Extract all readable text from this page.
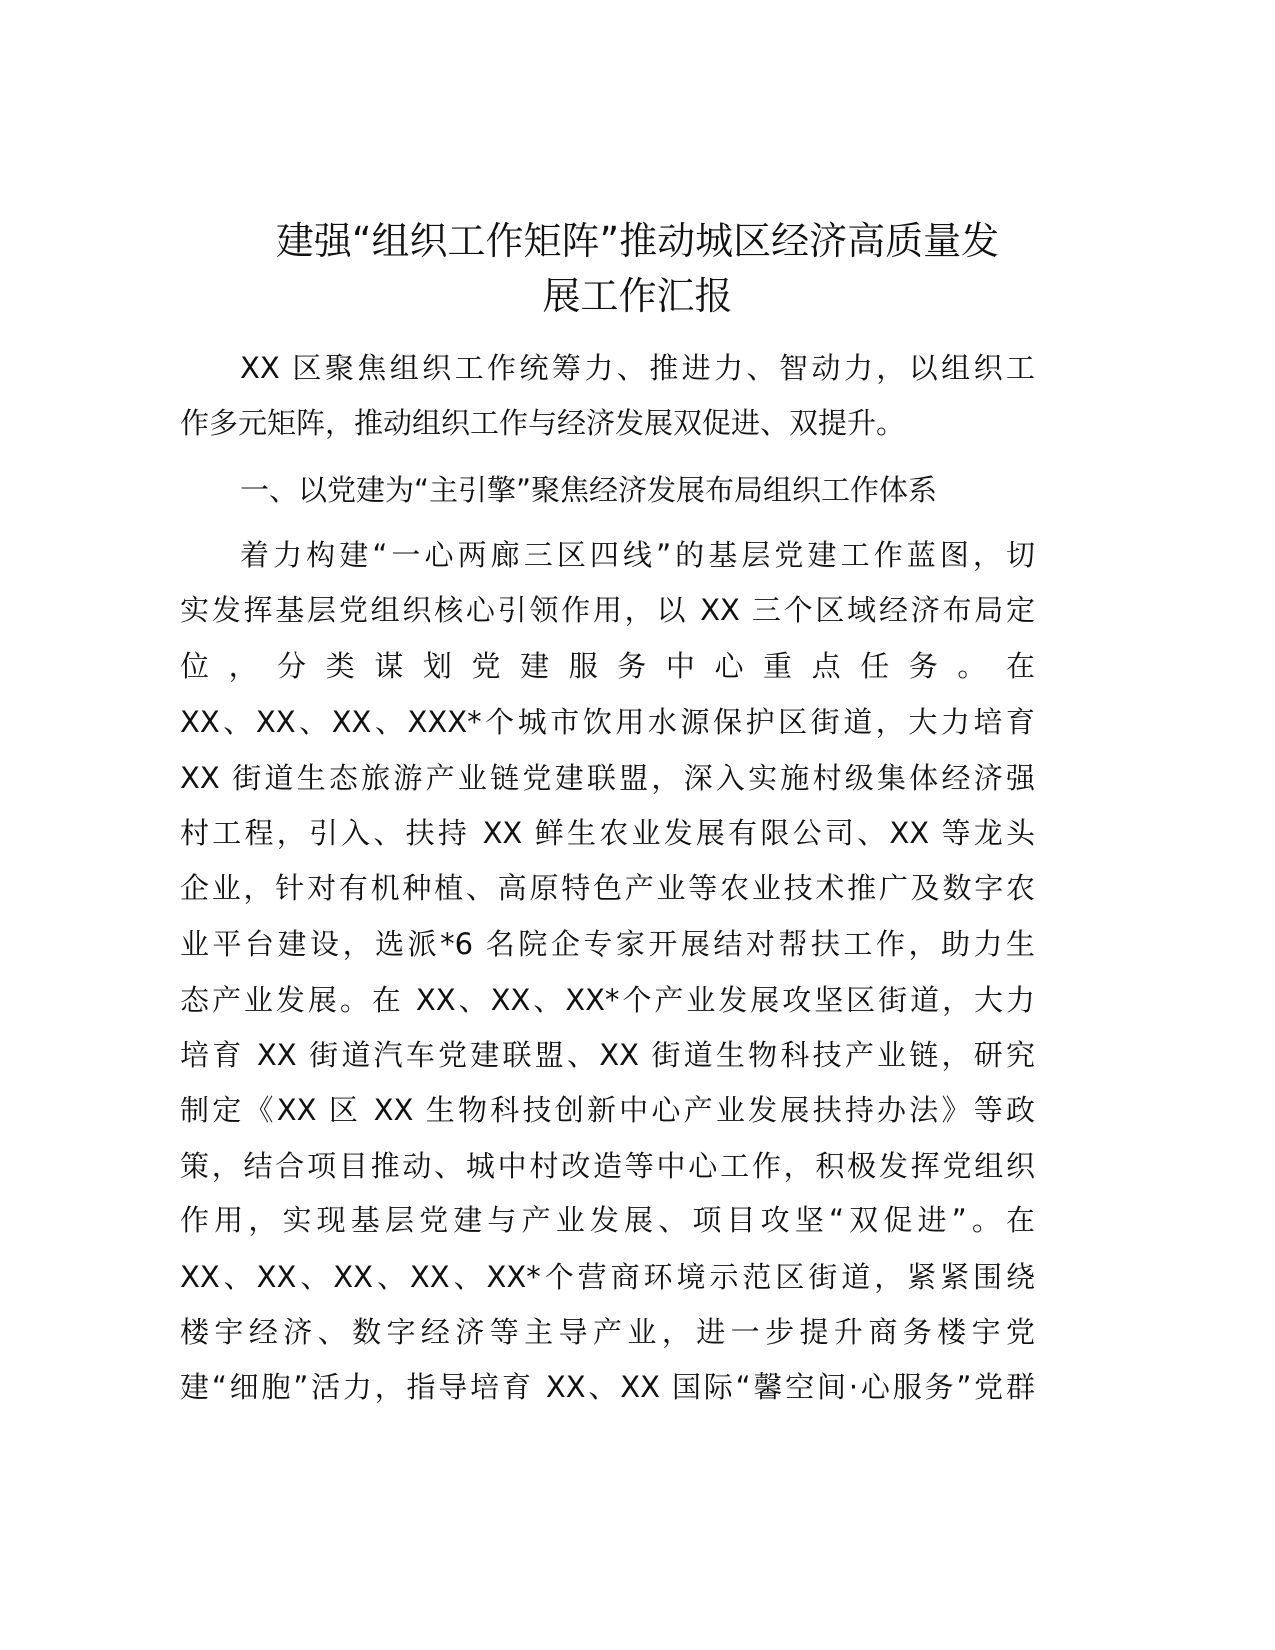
建强“组织工作矩阵”推动城区经济高质量发
展工作汇报
XX 区聚焦组织工作统筹力、推进力、智动力，以组织工
作多元矩阵，推动组织工作与经济发展双促进、双提升。
一、以党建为“主引擎”聚焦经济发展布局组织工作体系
着力构建“一心两廊三区四线”的基层党建工作蓝图，切
实发挥基层党组织核心引领作用，以 XX 三个区域经济布局定
位，分类谋划党建服务中心重点任务。在
XX、XX、XX、XXX*个城市饮用水源保护区街道，大力培育
XX 街道生态旅游产业链党建联盟，深入实施村级集体经济强
村工程，引入、扶持 XX 鲜生农业发展有限公司、XX 等龙头
企业，针对有机种植、高原特色产业等农业技术推广及数字农
业平台建设，选派*6 名院企专家开展结对帮扶工作，助力生
态产业发展。在 XX、XX、XX*个产业发展攻坚区街道，大力
培育 XX 街道汽车党建联盟、XX 街道生物科技产业链，研究
制定《XX 区 XX 生物科技创新中心产业发展扶持办法》等政
策，结合项目推动、城中村改造等中心工作，积极发挥党组织
作用，实现基层党建与产业发展、项目攻坚“双促进”。在
XX、XX、XX、XX、XX*个营商环境示范区街道，紧紧围绕
楼宇经济、数字经济等主导产业，进一步提升商务楼宇党
建“细胞”活力，指导培育 XX、XX 国际“馨空间·心服务”党群
